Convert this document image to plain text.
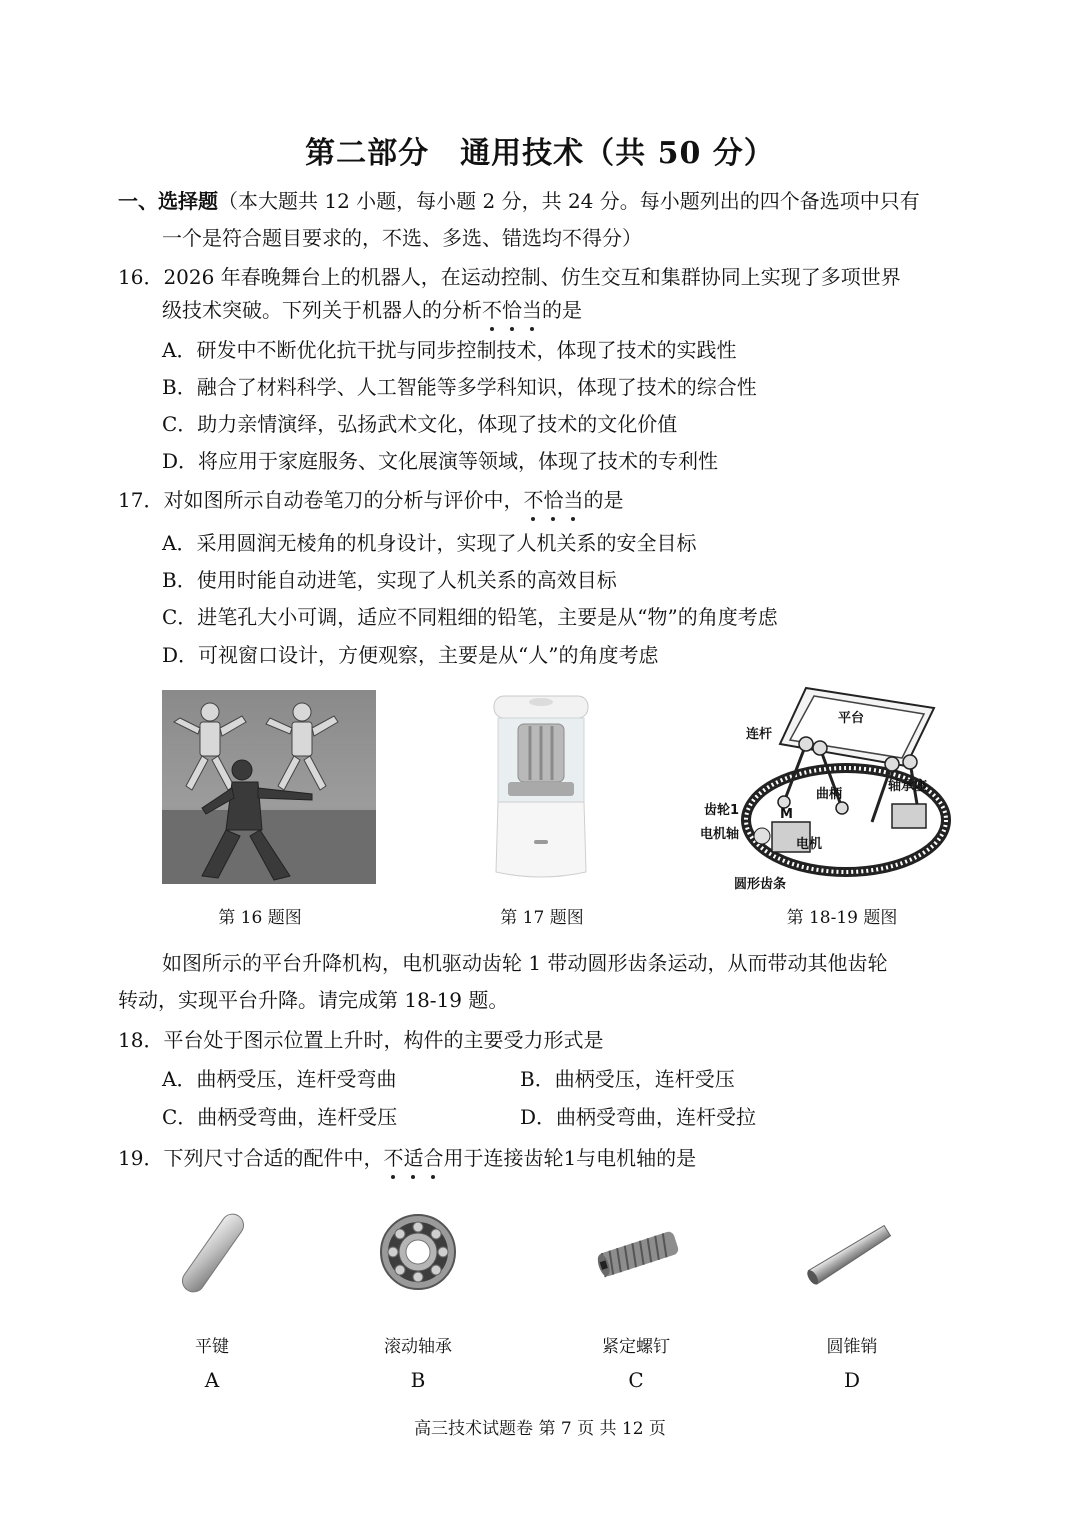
第二部分　通用技术（共 50 分）
一、选择题（本大题共 12 小题，每小题 2 分，共 24 分。每小题列出的四个备选项中只有
一个是符合题目要求的，不选、多选、错选均不得分）
16．2026 年春晚舞台上的机器人，在运动控制、仿生交互和集群协同上实现了多项世界
级技术突破。下列关于机器人的分析不恰当的是
A．研发中不断优化抗干扰与同步控制技术，体现了技术的实践性
B．融合了材料科学、人工智能等多学科知识，体现了技术的综合性
C．助力亲情演绎，弘扬武术文化，体现了技术的文化价值
D．将应用于家庭服务、文化展演等领域，体现了技术的专利性
17．对如图所示自动卷笔刀的分析与评价中，不恰当的是
A．采用圆润无棱角的机身设计，实现了人机关系的安全目标
B．使用时能自动进笔，实现了人机关系的高效目标
C．进笔孔大小可调，适应不同粗细的铅笔，主要是从“物”的角度考虑
D．可视窗口设计，方便观察，主要是从“人”的角度考虑
平台
连杆
轴承座
曲柄
齿轮1	M
电机轴
电机
圆形齿条
第 16 题图	第 17 题图	第 18-19 题图
如图所示的平台升降机构，电机驱动齿轮 1 带动圆形齿条运动，从而带动其他齿轮
转动，实现平台升降。请完成第 18-19 题。
18．平台处于图示位置上升时，构件的主要受力形式是
A．曲柄受压，连杆受弯曲	B．曲柄受压，连杆受压
C．曲柄受弯曲，连杆受压	D．曲柄受弯曲，连杆受拉
19．下列尺寸合适的配件中，不适合用于连接齿轮1与电机轴的是
平键	滚动轴承	紧定螺钉	圆锥销
A	B	C	D
高三技术试题卷 第 7 页 共 12 页
